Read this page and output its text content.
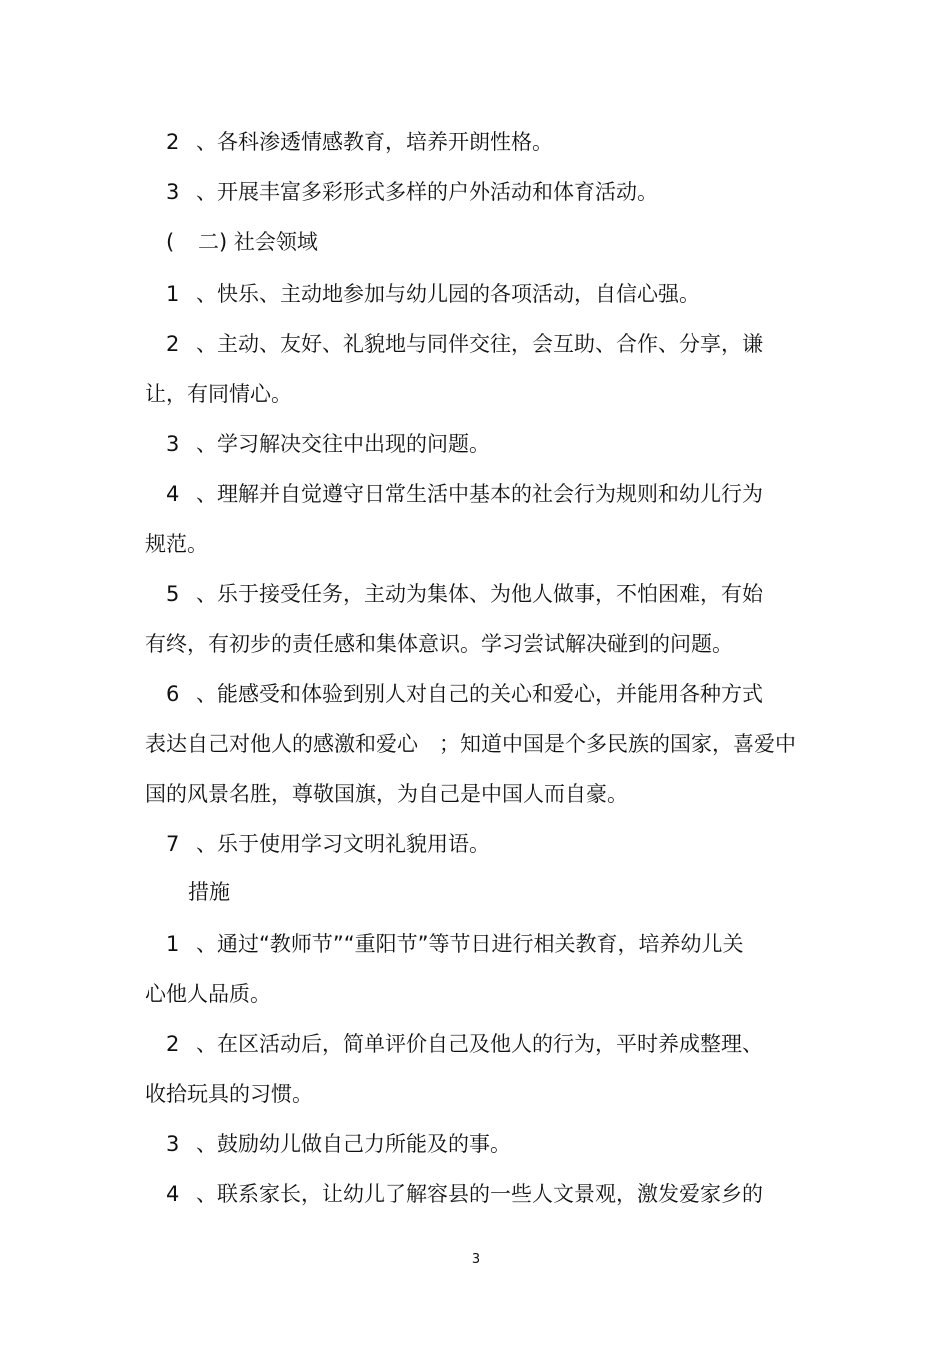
2 、各科渗透情感教育，培养开朗性格。
3 、开展丰富多彩形式多样的户外活动和体育活动。
( 二) 社会领域
1 、快乐、主动地参加与幼儿园的各项活动，自信心强。
2 、主动、友好、礼貌地与同伴交往，会互助、合作、分享，谦
让，有同情心。
3 、学习解决交往中出现的问题。
4 、理解并自觉遵守日常生活中基本的社会行为规则和幼儿行为
规范。
5 、乐于接受任务，主动为集体、为他人做事，不怕困难，有始
有终，有初步的责任感和集体意识。学习尝试解决碰到的问题。
6 、能感受和体验到别人对自己的关心和爱心，并能用各种方式
表达自己对他人的感激和爱心　；知道中国是个多民族的国家，喜爱中
国的风景名胜，尊敬国旗，为自己是中国人而自豪。
7 、乐于使用学习文明礼貌用语。
措施
1 、通过“教师节”“重阳节”等节日进行相关教育，培养幼儿关
心他人品质。
2 、在区活动后，简单评价自己及他人的行为，平时养成整理、
收拾玩具的习惯。
3 、鼓励幼儿做自己力所能及的事。
4 、联系家长，让幼儿了解容县的一些人文景观，激发爱家乡的
3
